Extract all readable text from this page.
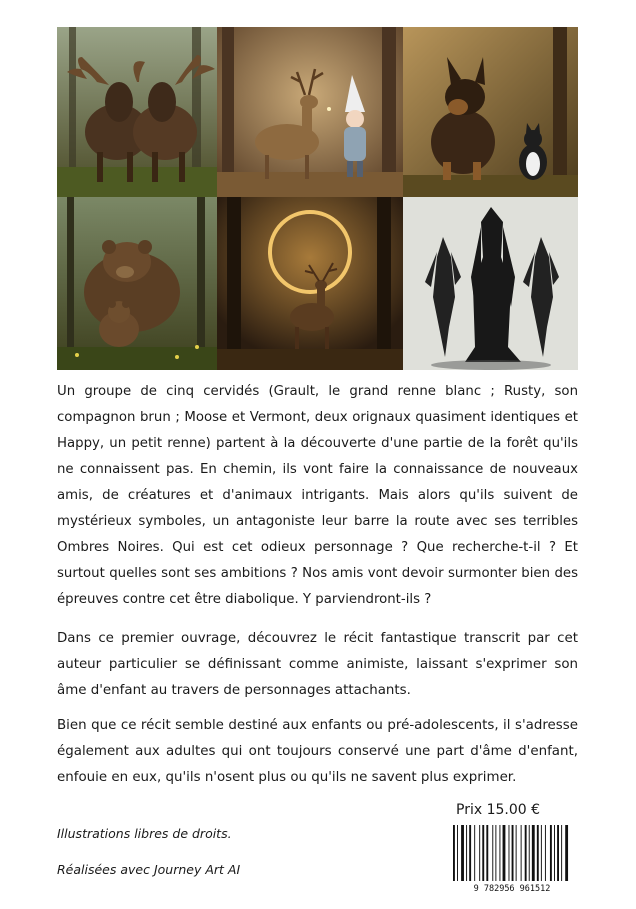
Un groupe de cinq cervidés (Grault, le grand renne blanc ; Rusty, son compagnon brun ; Moose et Vermont, deux orignaux quasiment identiques et Happy, un petit renne) partent à la découverte d'une partie de la forêt qu'ils ne connaissent pas. En chemin, ils vont faire la connaissance de nouveaux amis, de créatures et d'animaux intrigants. Mais alors qu'ils suivent de mystérieux symboles, un antagoniste leur barre la route avec ses terribles Ombres Noires. Qui est cet odieux personnage ? Que recherche-t-il ? Et surtout quelles sont ses ambitions ? Nos amis vont devoir surmonter bien des épreuves contre cet être diabolique. Y parviendront-ils ?

Dans ce premier ouvrage, découvrez le récit fantastique transcrit par cet auteur particulier se définissant comme animiste, laissant s'exprimer son âme d'enfant au travers de personnages attachants.

Bien que ce récit semble destiné aux enfants ou pré-adolescents, il s'adresse également aux adultes qui ont toujours conservé une part d'âme d'enfant, enfouie en eux, qu'ils n'osent plus ou qu'ils ne savent plus exprimer.

Illustrations libres de droits.
Réalisées avec Journey Art AI
Prix 15.00 €
9 782956 961512
